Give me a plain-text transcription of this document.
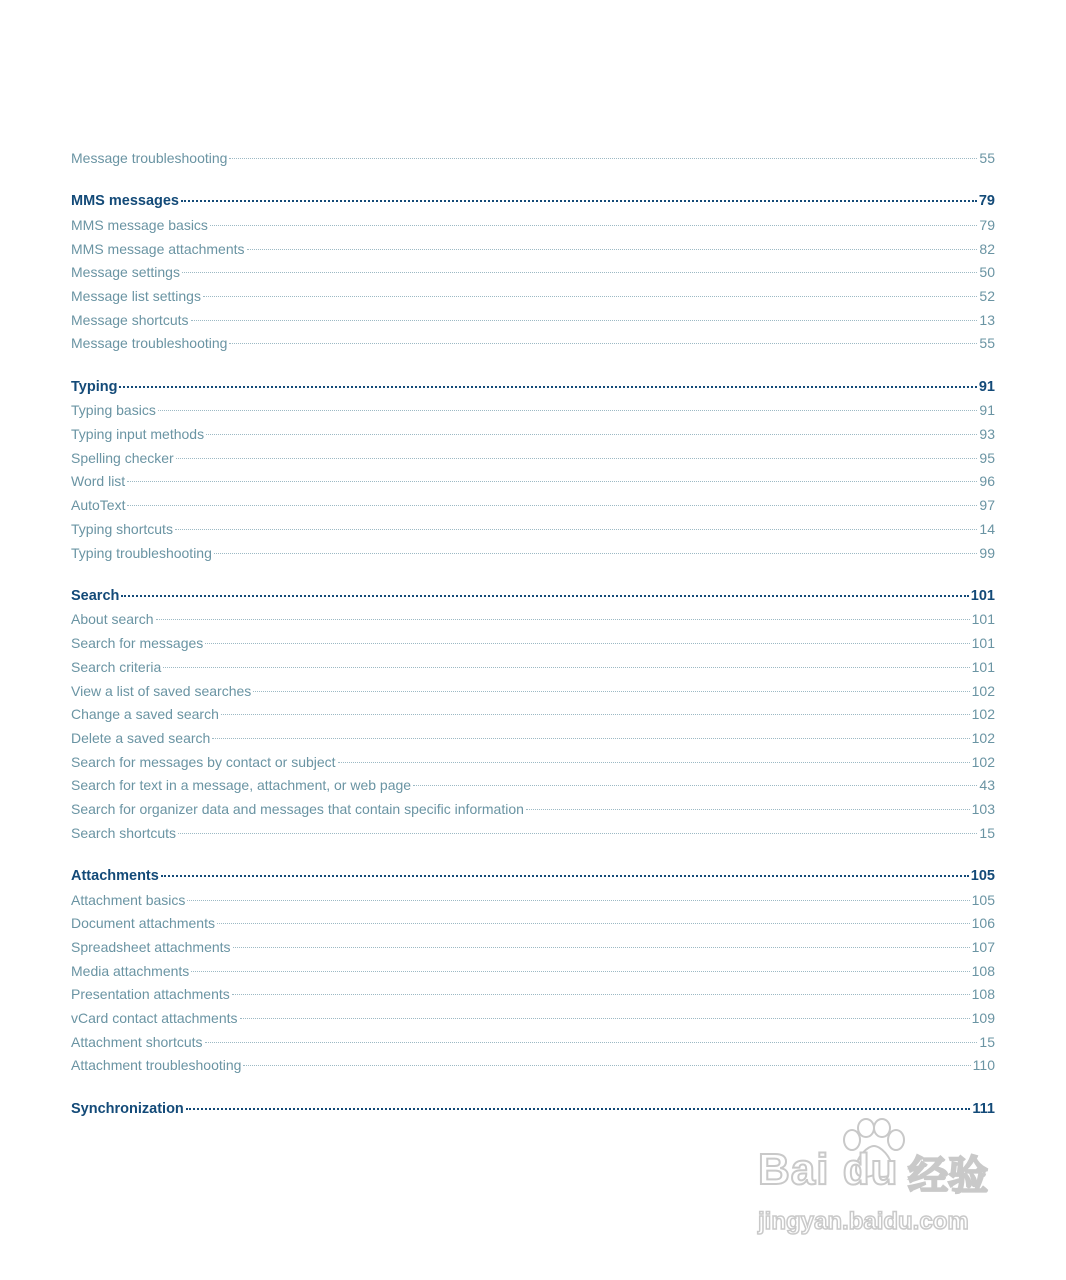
Message troubleshooting	55
MMS messages	79
MMS message basics	79
MMS message attachments	82
Message settings	50
Message list settings	52
Message shortcuts	13
Message troubleshooting	55
Typing	91
Typing basics	91
Typing input methods	93
Spelling checker	95
Word list	96
AutoText	97
Typing shortcuts	14
Typing troubleshooting	99
Search	101
About search	101
Search for messages	101
Search criteria	101
View a list of saved searches	102
Change a saved search	102
Delete a saved search	102
Search for messages by contact or subject	102
Search for text in a message, attachment, or web page	43
Search for organizer data and messages that contain specific information	103
Search shortcuts	15
Attachments	105
Attachment basics	105
Document attachments	106
Spreadsheet attachments	107
Media attachments	108
Presentation attachments	108
vCard contact attachments	109
Attachment shortcuts	15
Attachment troubleshooting	110
Synchronization	111
Bai du 经验
jingyan.baidu.com
